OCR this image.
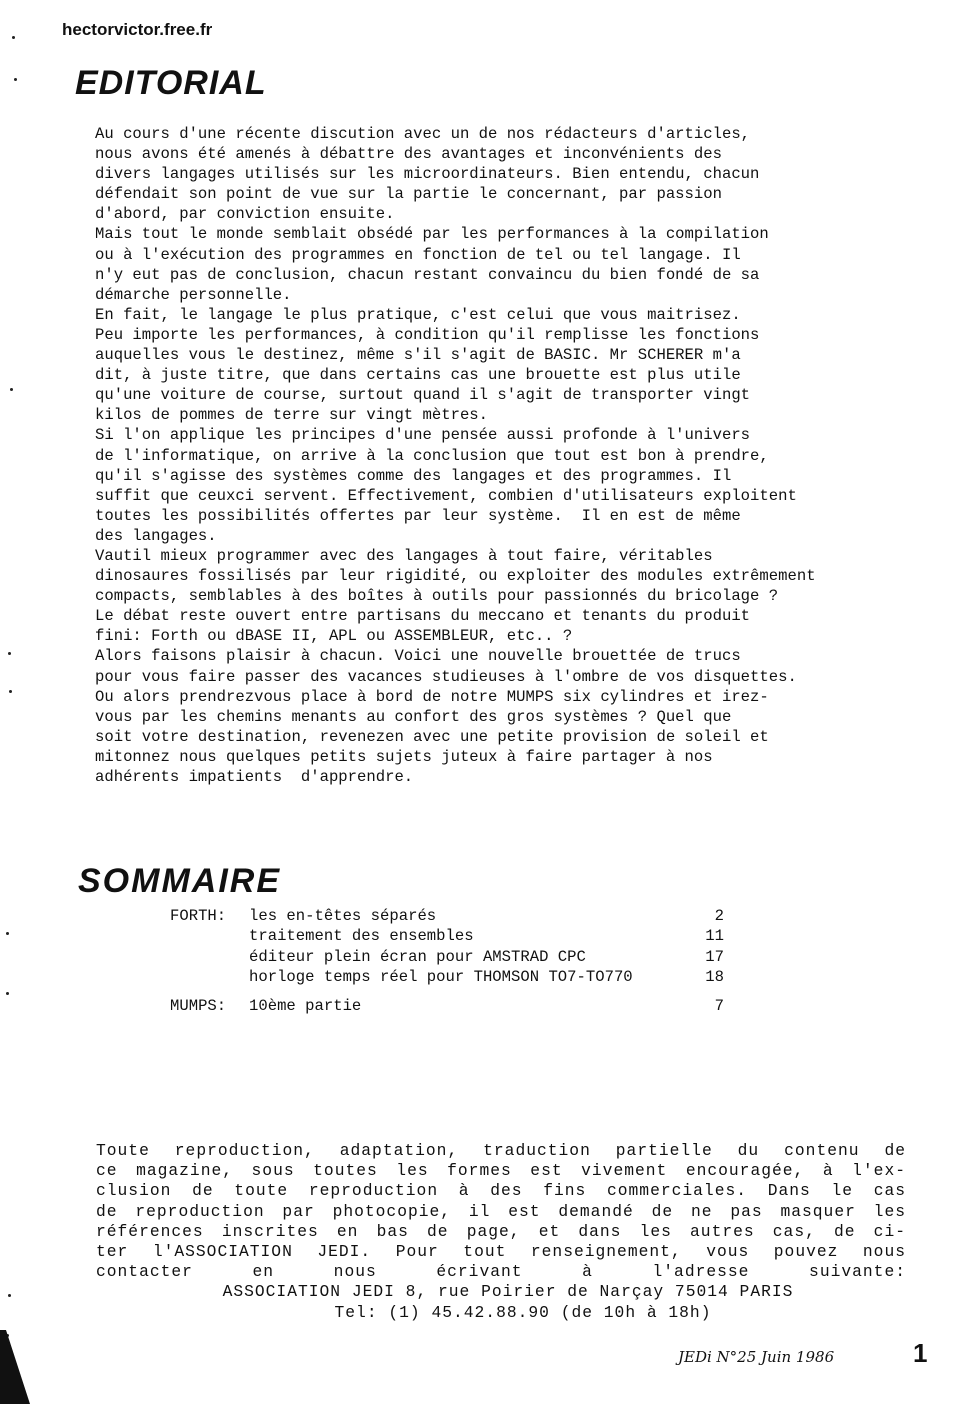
hectorvictor.free.fr
EDITORIAL
Au cours d'une récente discution avec un de nos rédacteurs d'articles,
nous avons été amenés à débattre des avantages et inconvénients des
divers langages utilisés sur les microordinateurs. Bien entendu, chacun
défendait son point de vue sur la partie le concernant, par passion
d'abord, par conviction ensuite.
Mais tout le monde semblait obsédé par les performances à la compilation
ou à l'exécution des programmes en fonction de tel ou tel langage. Il
n'y eut pas de conclusion, chacun restant convaincu du bien fondé de sa
démarche personnelle.
En fait, le langage le plus pratique, c'est celui que vous maitrisez.
Peu importe les performances, à condition qu'il remplisse les fonctions
auquelles vous le destinez, même s'il s'agit de BASIC. Mr SCHERER m'a
dit, à juste titre, que dans certains cas une brouette est plus utile
qu'une voiture de course, surtout quand il s'agit de transporter vingt
kilos de pommes de terre sur vingt mètres.
Si l'on applique les principes d'une pensée aussi profonde à l'univers
de l'informatique, on arrive à la conclusion que tout est bon à prendre,
qu'il s'agisse des systèmes comme des langages et des programmes. Il
suffit que ceuxci servent. Effectivement, combien d'utilisateurs exploitent
toutes les possibilités offertes par leur système.  Il en est de même
des langages.
Vautil mieux programmer avec des langages à tout faire, véritables
dinosaures fossilisés par leur rigidité, ou exploiter des modules extrêmement
compacts, semblables à des boîtes à outils pour passionnés du bricolage ?
Le débat reste ouvert entre partisans du meccano et tenants du produit
fini: Forth ou dBASE II, APL ou ASSEMBLEUR, etc.. ?
Alors faisons plaisir à chacun. Voici une nouvelle brouettée de trucs
pour vous faire passer des vacances studieuses à l'ombre de vos disquettes.
Ou alors prendrezvous place à bord de notre MUMPS six cylindres et irez-
vous par les chemins menants au confort des gros systèmes ? Quel que
soit votre destination, revenezen avec une petite provision de soleil et
mitonnez nous quelques petits sujets juteux à faire partager à nos
adhérents impatients  d'apprendre.
SOMMAIRE
FORTH:	les en-têtes séparés	2
	traitement des ensembles	11
	éditeur plein écran pour AMSTRAD CPC	17
	horloge temps réel pour THOMSON TO7-TO770	18

MUMPS:	10ème partie	7
Toute reproduction, adaptation, traduction partielle du contenu de
ce magazine, sous toutes les formes est vivement encouragée, à l'ex-
clusion de toute reproduction à des fins commerciales. Dans le cas
de reproduction par photocopie, il est demandé de ne pas masquer les
références inscrites en bas de page, et dans les autres cas, de ci-
ter l'ASSOCIATION JEDI. Pour tout renseignement, vous pouvez nous
contacter en nous écrivant à l'adresse suivante:
ASSOCIATION JEDI 8, rue Poirier de Narçay 75014 PARIS
Tel: (1) 45.42.88.90 (de 10h à 18h)
JEDi N°25 Juin 1986	1
